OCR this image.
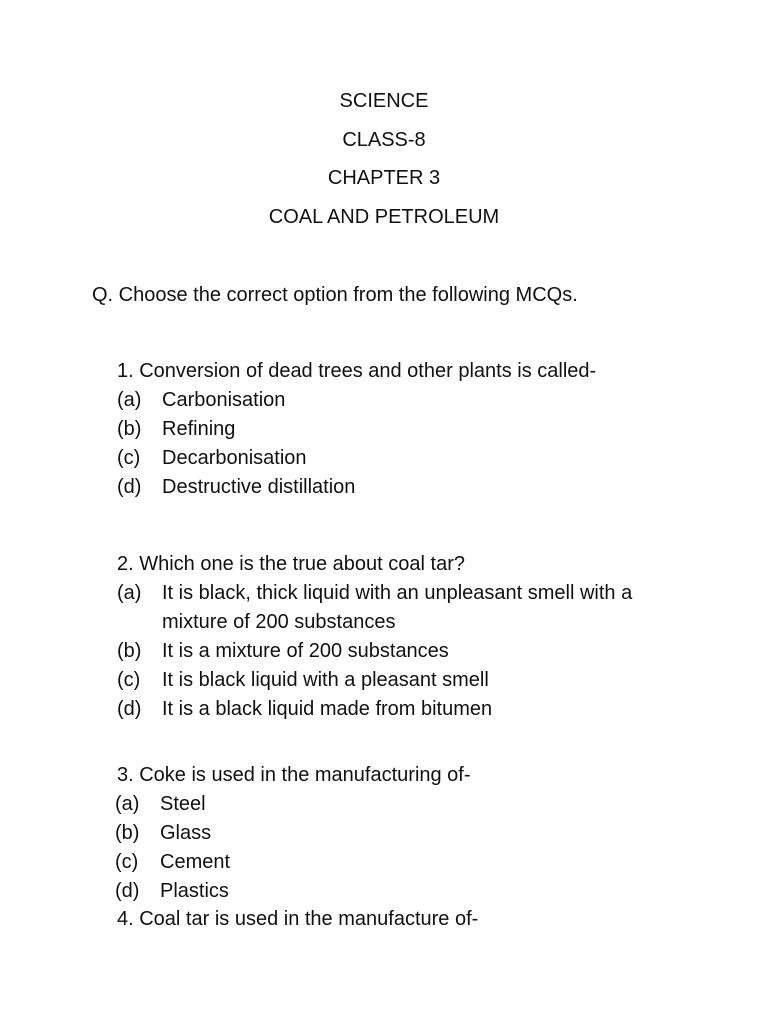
SCIENCE
CLASS-8
CHAPTER 3
COAL AND PETROLEUM
Q. Choose the correct option from the following MCQs.
1. Conversion of dead trees and other plants is called-
(a) Carbonisation
(b) Refining
(c) Decarbonisation
(d) Destructive distillation
2. Which one is the true about coal tar?
(a) It is black, thick liquid with an unpleasant smell with a
mixture of 200 substances
(b) It is a mixture of 200 substances
(c) It is black liquid with a pleasant smell
(d) It is a black liquid made from bitumen
3. Coke is used in the manufacturing of-
(a) Steel
(b) Glass
(c) Cement
(d) Plastics
4. Coal tar is used in the manufacture of-
